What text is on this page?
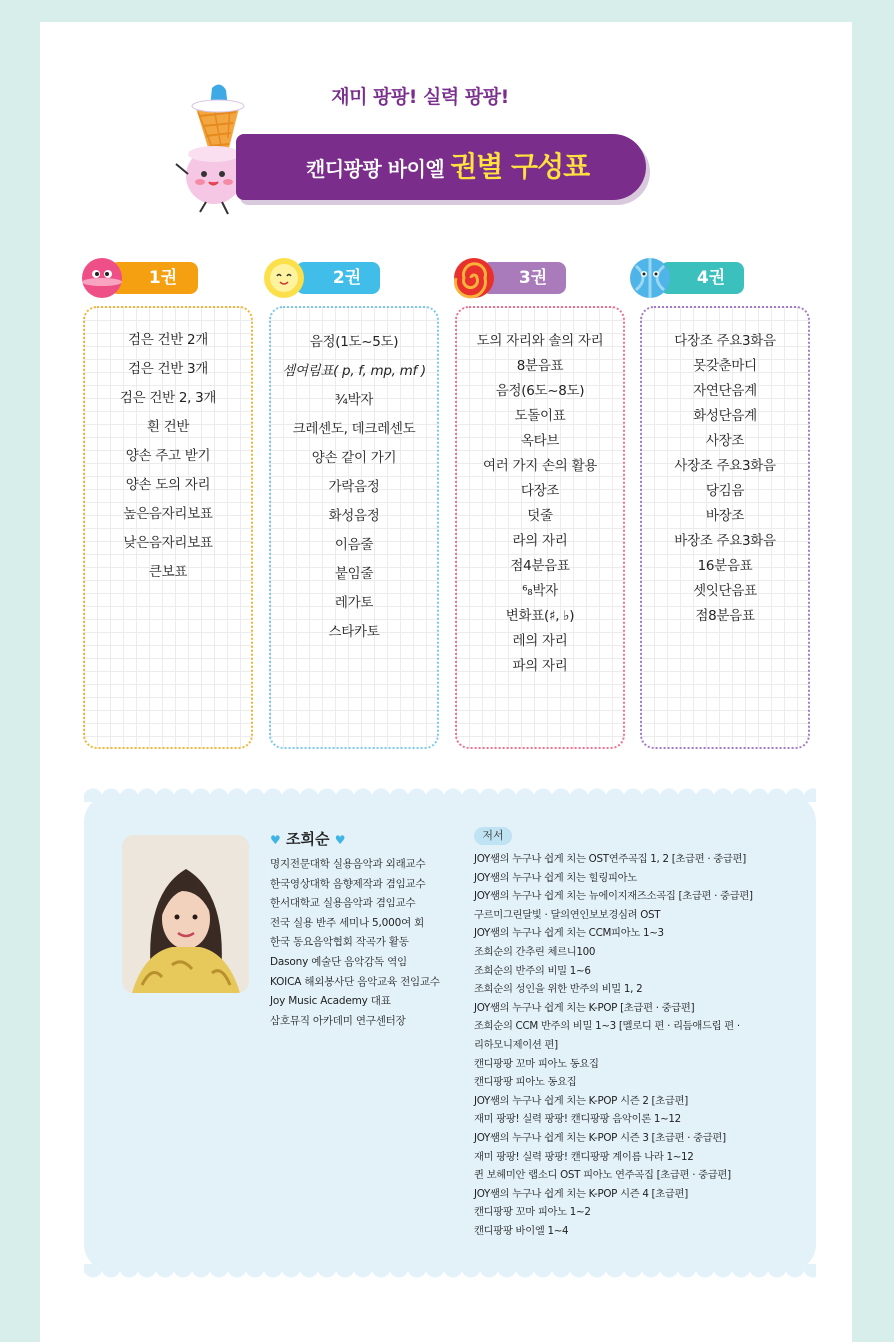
재미 팡팡! 실력 팡팡!
캔디팡팡 바이엘 권별 구성표
1권	2권	3권	4권
검은 건반 2개
검은 건반 3개
검은 건반 2, 3개
흰 건반
양손 주고 받기
양손 도의 자리
높은음자리보표
낮은음자리보표
큰보표
음정(1도~5도)
셈여림표( p, f, mp, mf )
¾박자
크레센도, 데크레센도
양손 같이 가기
가락음정
화성음정
이음줄
붙임줄
레가토
스타카토
도의 자리와 솔의 자리
8분음표
음정(6도~8도)
도돌이표
옥타브
여러 가지 손의 활용
다장조
덧줄
라의 자리
점4분음표
⁶₈박자
변화표(♯, ♭)
레의 자리
파의 자리
다장조 주요3화음
못갖춘마디
자연단음계
화성단음계
사장조
사장조 주요3화음
당김음
바장조
바장조 주요3화음
16분음표
셋잇단음표
점8분음표
♥ 조희순 ♥
명지전문대학 실용음악과 외래교수
한국영상대학 음향제작과 겸임교수
한서대학교 실용음악과 겸임교수
전국 실용 반주 세미나 5,000여 회
한국 동요음악협회 작곡가 활동
Dasony 예술단 음악감독 역임
KOICA 해외봉사단 음악교육 전임교수
Joy Music Academy 대표
삼호뮤직 아카데미 연구센터장
저서
JOY쌤의 누구나 쉽게 치는 OST연주곡집 1, 2 [초급편 · 중급편]
JOY쌤의 누구나 쉽게 치는 힐링피아노
JOY쌤의 누구나 쉽게 치는 뉴에이지재즈소곡집 [초급편 · 중급편]
구르미그린달빛 · 달의연인보보경심려 OST
JOY쌤의 누구나 쉽게 치는 CCM피아노 1~3
조희순의 간추린 체르니100
조희순의 반주의 비밀 1~6
조희순의 성인을 위한 반주의 비밀 1, 2
JOY쌤의 누구나 쉽게 치는 K-POP [초급편 · 중급편]
조희순의 CCM 반주의 비밀 1~3 [멜로디 편 · 리듬애드립 편 ·
리하모니제이션 편]
캔디팡팡 꼬마 피아노 동요집
캔디팡팡 피아노 동요집
JOY쌤의 누구나 쉽게 치는 K-POP 시즌 2 [초급편]
재미 팡팡! 실력 팡팡! 캔디팡팡 음악이론 1~12
JOY쌤의 누구나 쉽게 치는 K-POP 시즌 3 [초급편 · 중급편]
재미 팡팡! 실력 팡팡! 캔디팡팡 계이름 나라 1~12
퀸 보헤미안 랩소디 OST 피아노 연주곡집 [초급편 · 중급편]
JOY쌤의 누구나 쉽게 치는 K-POP 시즌 4 [초급편]
캔디팡팡 꼬마 피아노 1~2
캔디팡팡 바이엘 1~4
